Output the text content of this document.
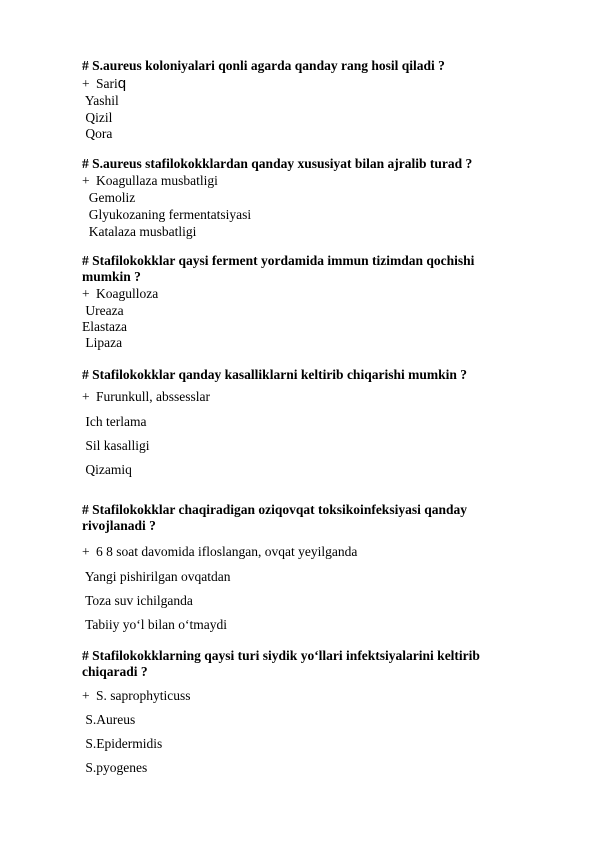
# S.aureus koloniyalari qonli agarda qanday rang hosil qiladi ?

+ Sariq
Yashil
Qizil
Qora

# S.aureus stafilokokklardan qanday xususiyat bilan ajralib turad ?

+ Koagullaza musbatligi
Gemoliz
Glyukozaning fermentatsiyasi
Katalaza musbatligi

# Stafilokokklar qaysi ferment yordamida immun tizimdan qochishi

mumkin ?

+ Koagulloza
Ureaza
Elastaza
Lipaza

# Stafilokokklar qanday kasalliklarni keltirib chiqarishi mumkin ?

+ Furunkull, abssesslar
Ich terlama
Sil kasalligi
Qizamiq

# Stafilokokklar chaqiradigan oziqovqat toksikoinfeksiyasi qanday

rivojlanadi ?

+ 6 8 soat davomida ifloslangan, ovqat yeyilganda
Yangi pishirilgan ovqatdan
Toza suv ichilganda
Tabiiy yo‘l bilan o‘tmaydi

# Stafilokokklarning qaysi turi siydik yo‘llari infektsiyalarini keltirib

chiqaradi ?

+ S. saprophyticuss
S.Aureus
S.Epidermidis
S.pyogenes
